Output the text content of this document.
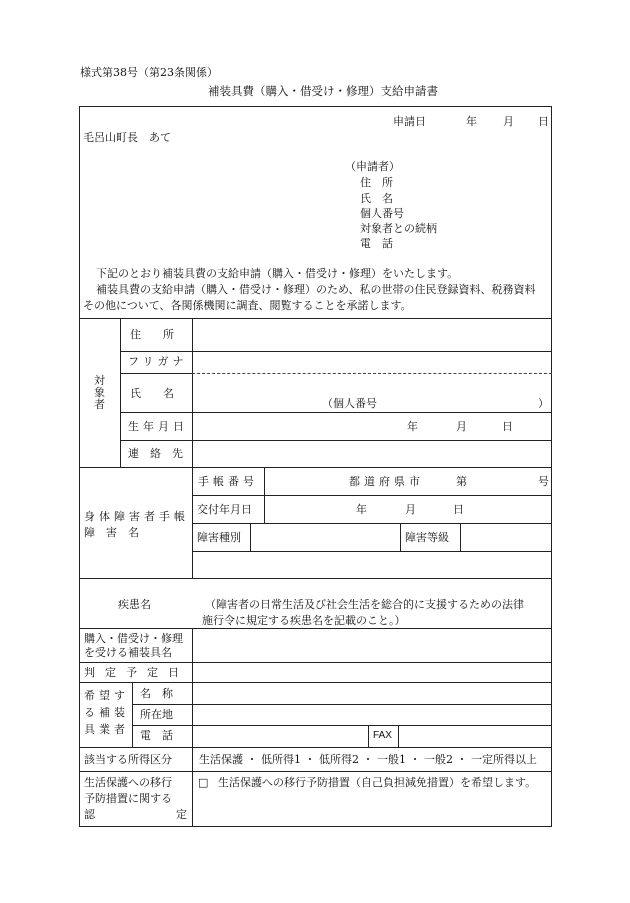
様式第38号（第23条関係）
補装具費（購入・借受け・修理）支給申請書
申請日	年 月 日
毛呂山町長　あて
（申請者）
住　所
氏　名
個人番号
対象者との続柄
電　話
下記のとおり補装具費の支給申請（購入・借受け・修理）をいたします。
補装具費の支給申請（購入・借受け・修理）のため、私の世帯の住民登録資料、税務資料
その他について、各関係機関に調査、閲覧することを承諾します。
対象者
住　　所
フリガナ
氏　　名
（個人番号	）
生年月日	年	月	日
連　絡　先
身体障害者手帳
障　害　名
手帳番号	都道府県市	第	号
交付年月日	年	月	日
障害種別	障害等級
疾患名	（障害者の日常生活及び社会生活を総合的に支援するための法律
施行令に規定する疾患名を記載のこと。）
購入・借受け・修理
を受ける補装具名
判定予定日
希望す
る補装
具業者
名　称
所在地
電　話	FAX
該当する所得区分 生活保護 ・ 低所得1 ・ 低所得2 ・ 一般1 ・ 一般2 ・ 一定所得以上
生活保護への移行
予防措置に関する
認	定
□ 生活保護への移行予防措置（自己負担減免措置）を希望します。
